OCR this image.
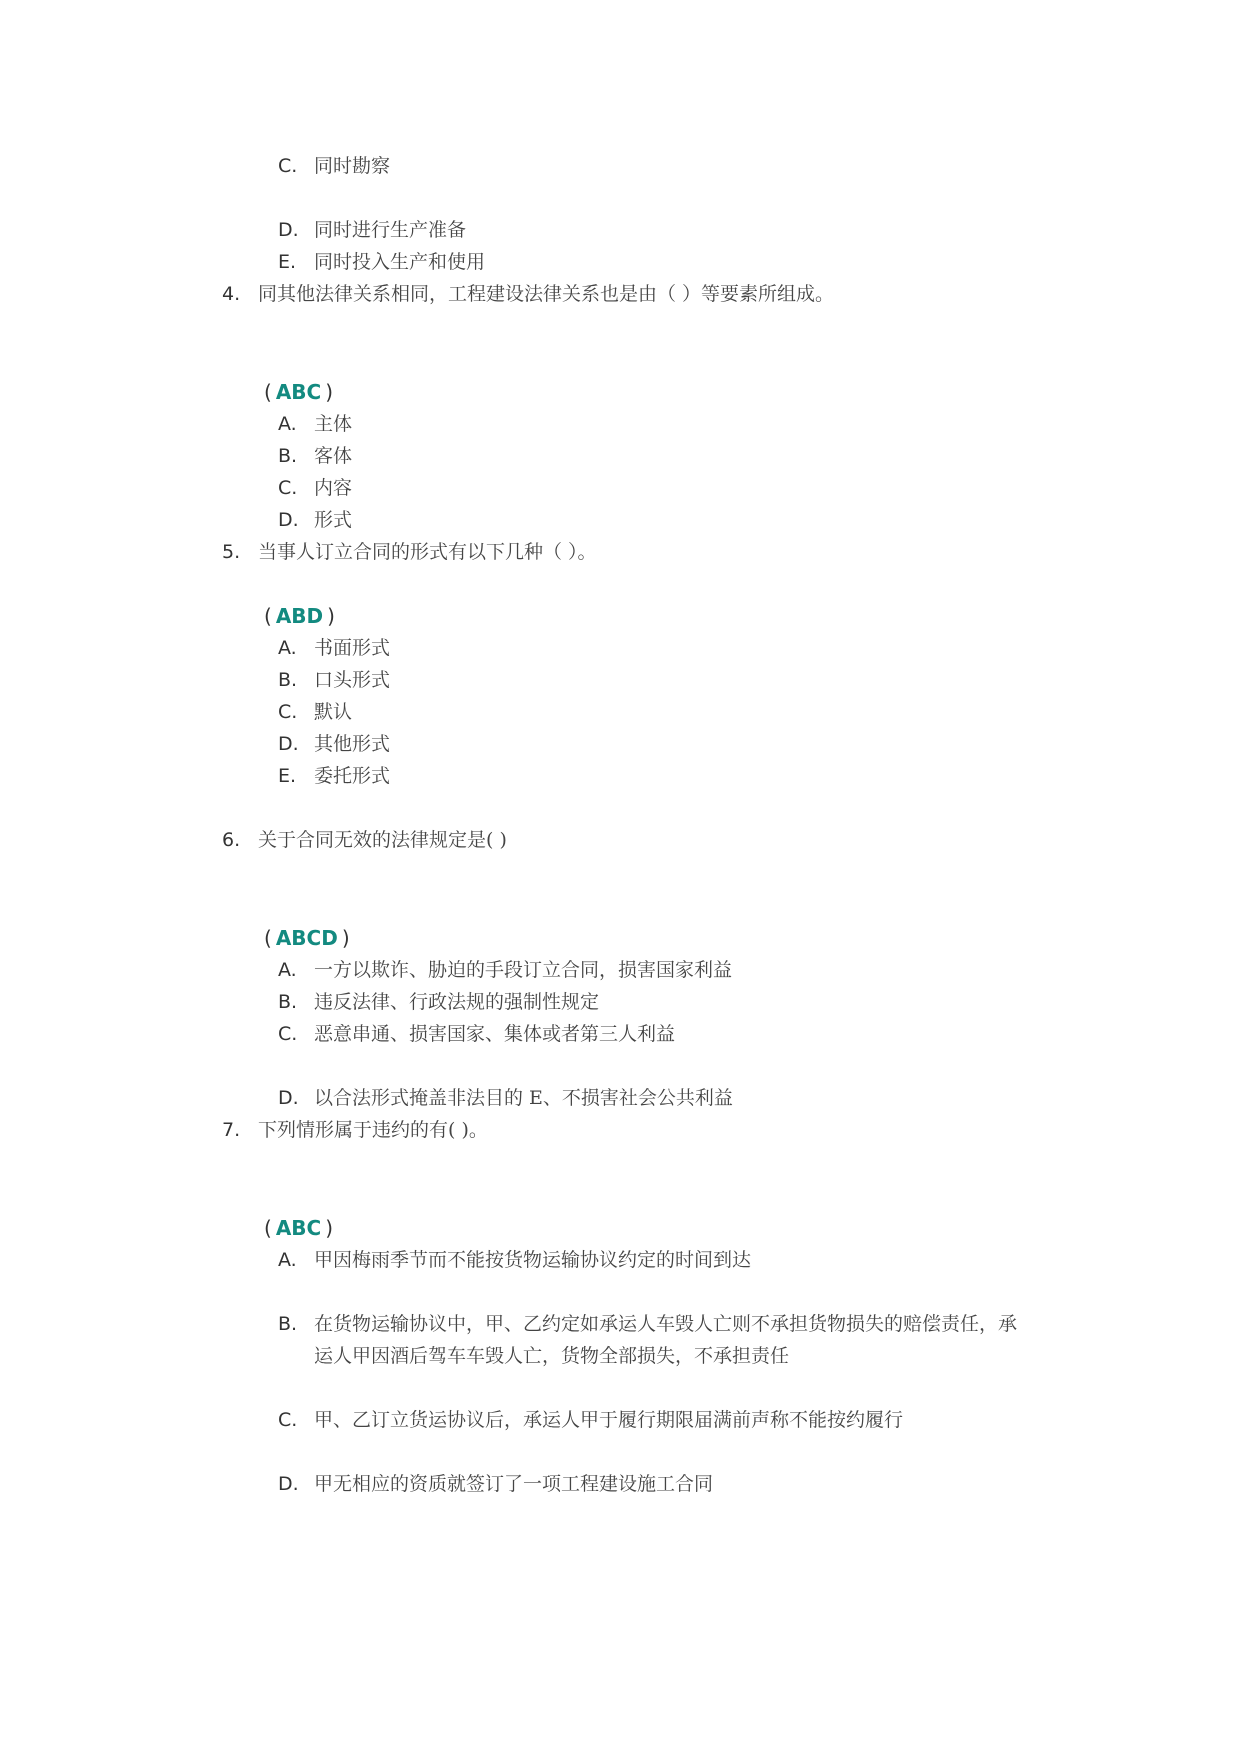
C. 同时勘察
D. 同时进行生产准备
E. 同时投入生产和使用
4. 同其他法律关系相同，工程建设法律关系也是由（ ）等要素所组成。
( ABC )
A. 主体
B. 客体
C. 内容
D. 形式
5. 当事人订立合同的形式有以下几种（ ）。
( ABD )
A. 书面形式
B. 口头形式
C. 默认
D. 其他形式
E. 委托形式
6. 关于合同无效的法律规定是( )
( ABCD )
A. 一方以欺诈、胁迫的手段订立合同，损害国家利益
B. 违反法律、行政法规的强制性规定
C. 恶意串通、损害国家、集体或者第三人利益
D. 以合法形式掩盖非法目的 E、不损害社会公共利益
7. 下列情形属于违约的有( )。
( ABC )
A. 甲因梅雨季节而不能按货物运输协议约定的时间到达
B. 在货物运输协议中，甲、乙约定如承运人车毁人亡则不承担货物损失的赔偿责任，承
运人甲因酒后驾车车毁人亡，货物全部损失，不承担责任
C. 甲、乙订立货运协议后，承运人甲于履行期限届满前声称不能按约履行
D. 甲无相应的资质就签订了一项工程建设施工合同
